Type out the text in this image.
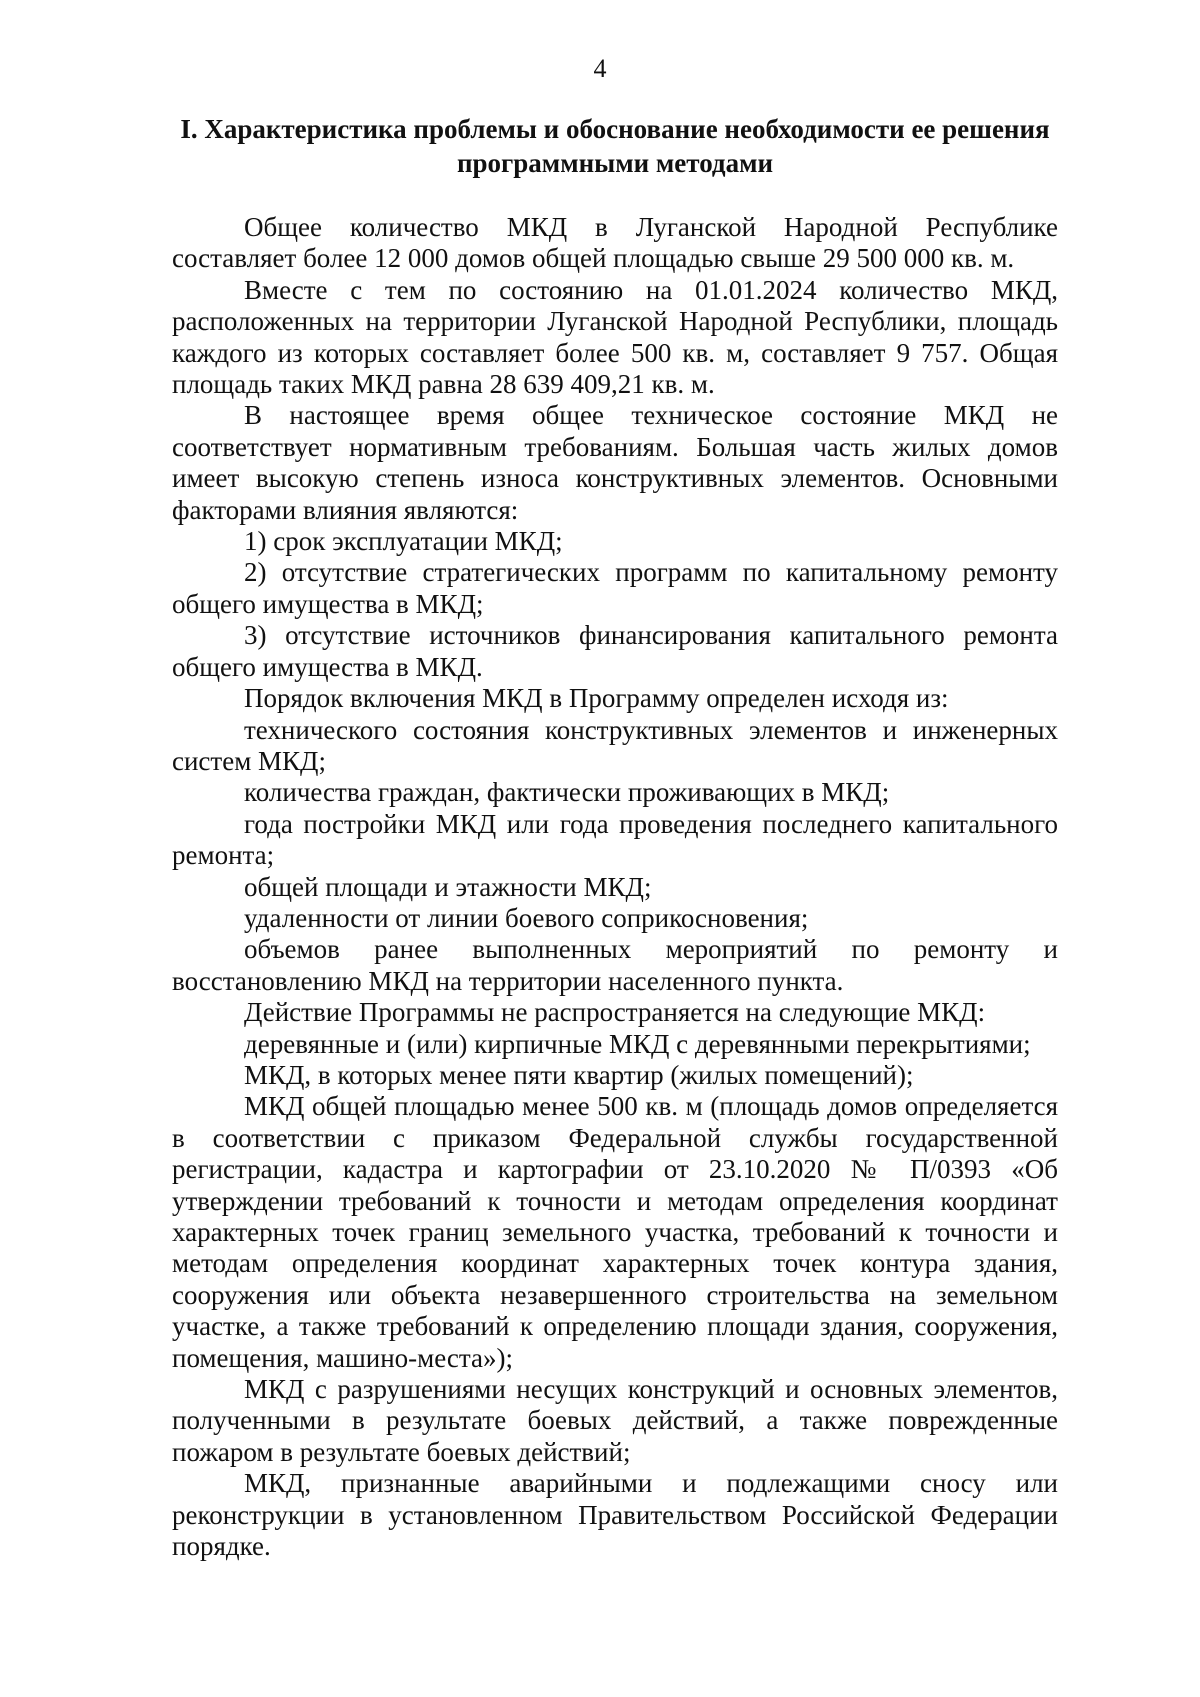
4
I. Характеристика проблемы и обоснование необходимости ее решения программными методами

Общее количество МКД в Луганской Народной Республике составляет более 12 000 домов общей площадью свыше 29 500 000 кв. м.

Вместе с тем по состоянию на 01.01.2024 количество МКД, расположенных на территории Луганской Народной Республики, площадь каждого из которых составляет более 500 кв. м, составляет 9 757. Общая площадь таких МКД равна 28 639 409,21 кв. м.

В настоящее время общее техническое состояние МКД не соответствует нормативным требованиям. Большая часть жилых домов имеет высокую степень износа конструктивных элементов. Основными факторами влияния являются:

1) срок эксплуатации МКД;

2) отсутствие стратегических программ по капитальному ремонту общего имущества в МКД;

3) отсутствие источников финансирования капитального ремонта общего имущества в МКД.

Порядок включения МКД в Программу определен исходя из:

технического состояния конструктивных элементов и инженерных систем МКД;

количества граждан, фактически проживающих в МКД;

года постройки МКД или года проведения последнего капитального ремонта;

общей площади и этажности МКД;

удаленности от линии боевого соприкосновения;

объемов ранее выполненных мероприятий по ремонту и восстановлению МКД на территории населенного пункта.

Действие Программы не распространяется на следующие МКД:

деревянные и (или) кирпичные МКД с деревянными перекрытиями;

МКД, в которых менее пяти квартир (жилых помещений);

МКД общей площадью менее 500 кв. м (площадь домов определяется в соответствии с приказом Федеральной службы государственной регистрации, кадастра и картографии от 23.10.2020 № П/0393 «Об утверждении требований к точности и методам определения координат характерных точек границ земельного участка, требований к точности и методам определения координат характерных точек контура здания, сооружения или объекта незавершенного строительства на земельном участке, а также требований к определению площади здания, сооружения, помещения, машино-места»);

МКД с разрушениями несущих конструкций и основных элементов, полученными в результате боевых действий, а также поврежденные пожаром в результате боевых действий;

МКД, признанные аварийными и подлежащими сносу или реконструкции в установленном Правительством Российской Федерации порядке.
